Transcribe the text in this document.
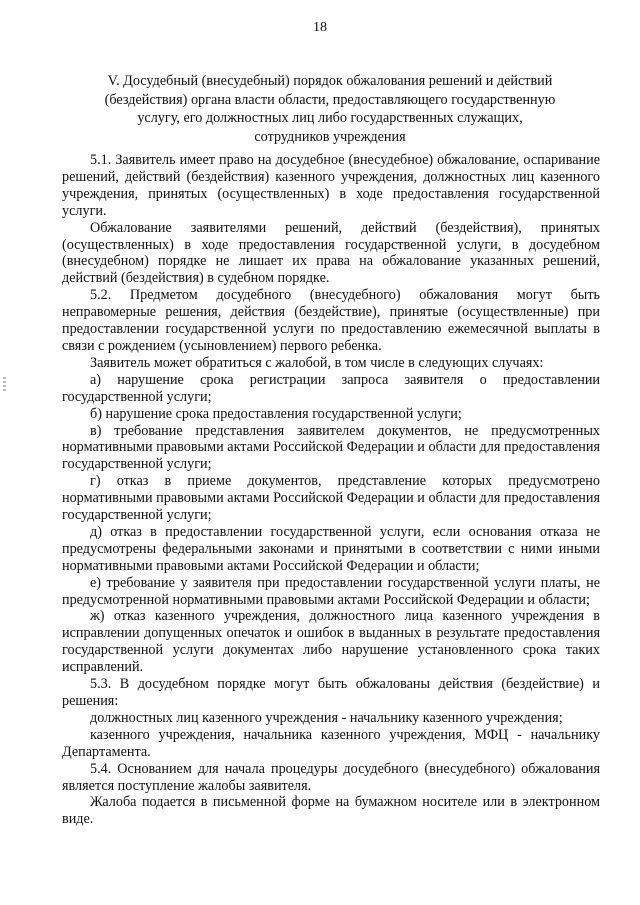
18
V. Досудебный (внесудебный) порядок обжалования решений и действий
(бездействия) органа власти области, предоставляющего государственную
услугу, его должностных лиц либо государственных служащих,
сотрудников учреждения
5.1. Заявитель имеет право на досудебное (внесудебное) обжалование, оспаривание решений, действий (бездействия) казенного учреждения, должностных лиц казенного учреждения, принятых (осуществленных) в ходе предоставления государственной услуги.
Обжалование заявителями решений, действий (бездействия), принятых (осуществленных) в ходе предоставления государственной услуги, в досудебном (внесудебном) порядке не лишает их права на обжалование указанных решений, действий (бездействия) в судебном порядке.
5.2. Предметом досудебного (внесудебного) обжалования могут быть неправомерные решения, действия (бездействие), принятые (осуществленные) при предоставлении государственной услуги по предоставлению ежемесячной выплаты в связи с рождением (усыновлением) первого ребенка.
Заявитель может обратиться с жалобой, в том числе в следующих случаях:
а) нарушение срока регистрации запроса заявителя о предоставлении государственной услуги;
б) нарушение срока предоставления государственной услуги;
в) требование представления заявителем документов, не предусмотренных нормативными правовыми актами Российской Федерации и области для предоставления государственной услуги;
г) отказ в приеме документов, представление которых предусмотрено нормативными правовыми актами Российской Федерации и области для предоставления государственной услуги;
д) отказ в предоставлении государственной услуги, если основания отказа не предусмотрены федеральными законами и принятыми в соответствии с ними иными нормативными правовыми актами Российской Федерации и области;
е) требование у заявителя при предоставлении государственной услуги платы, не предусмотренной нормативными правовыми актами Российской Федерации и области;
ж) отказ казенного учреждения, должностного лица казенного учреждения в исправлении допущенных опечаток и ошибок в выданных в результате предоставления государственной услуги документах либо нарушение установленного срока таких исправлений.
5.3. В досудебном порядке могут быть обжалованы действия (бездействие) и решения:
должностных лиц казенного учреждения - начальнику казенного учреждения;
казенного учреждения, начальника казенного учреждения, МФЦ - начальнику Департамента.
5.4. Основанием для начала процедуры досудебного (внесудебного) обжалования является поступление жалобы заявителя.
Жалоба подается в письменной форме на бумажном носителе или в электронном виде.
